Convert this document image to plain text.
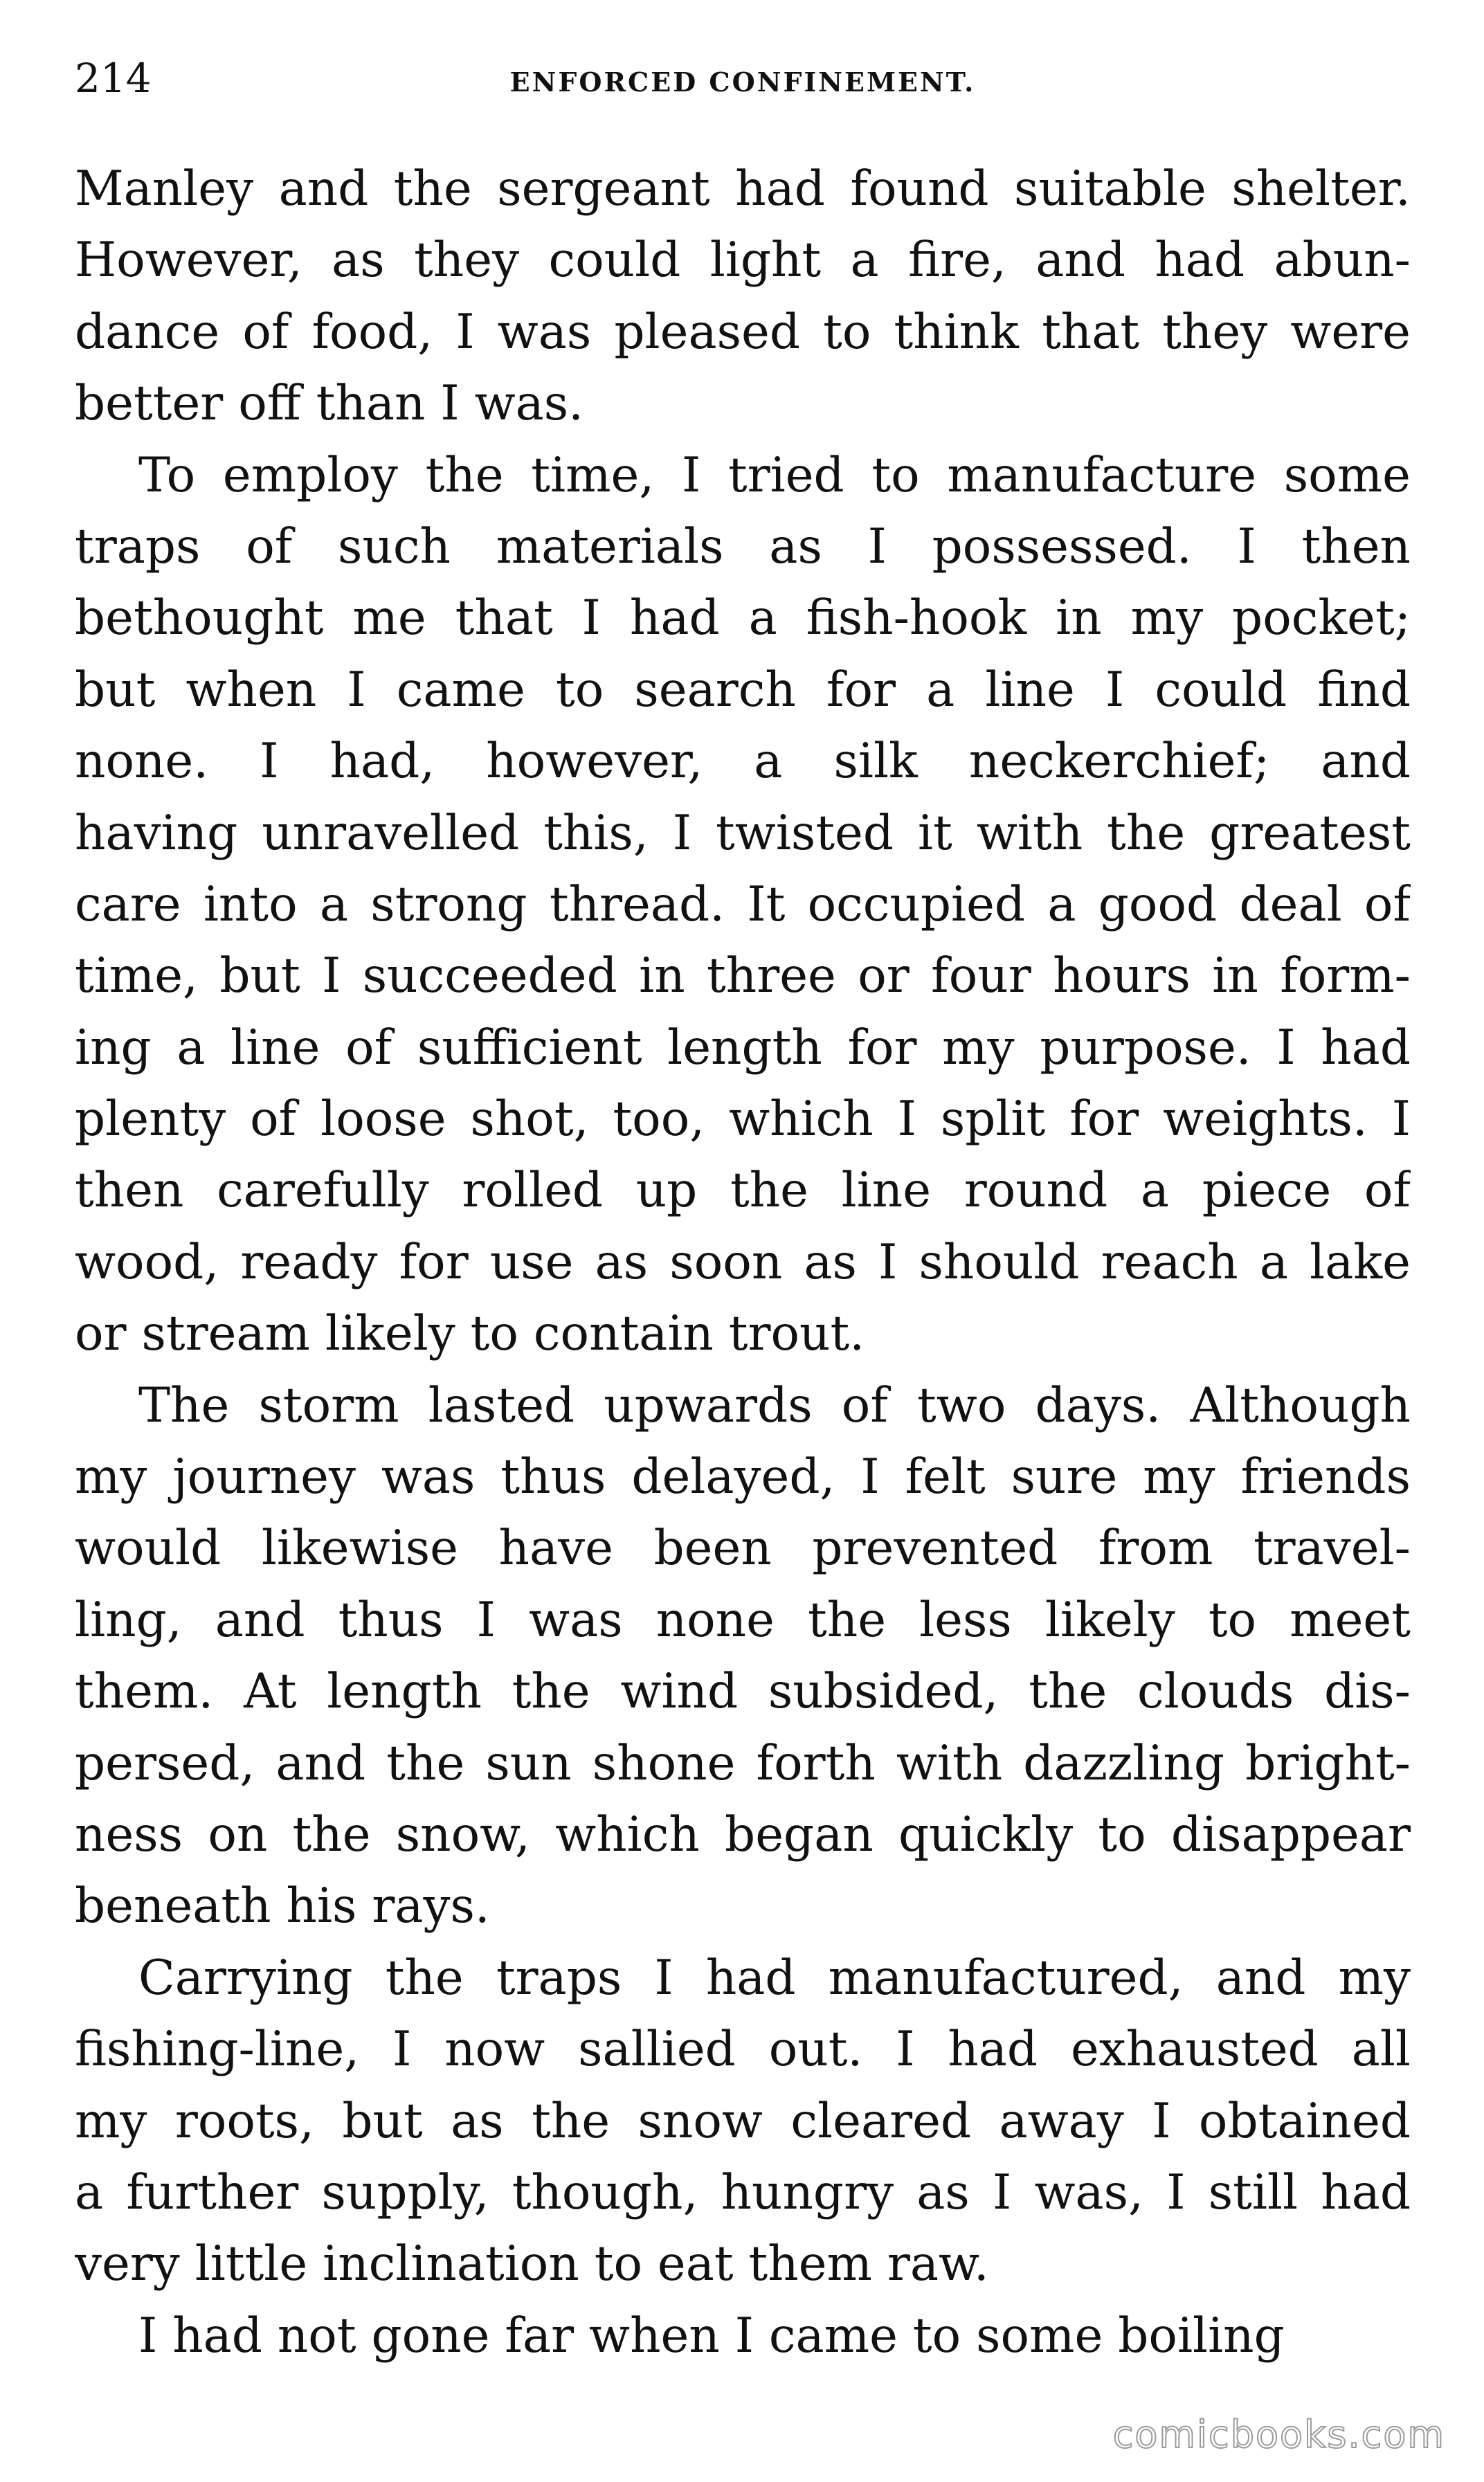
214	ENFORCED CONFINEMENT.
Manley and the sergeant had found suitable shelter.
However, as they could light a fire, and had abun-
dance of food, I was pleased to think that they were
better off than I was.
To employ the time, I tried to manufacture some
traps of such materials as I possessed. I then
bethought me that I had a fish-hook in my pocket;
but when I came to search for a line I could find
none. I had, however, a silk neckerchief; and
having unravelled this, I twisted it with the greatest
care into a strong thread. It occupied a good deal of
time, but I succeeded in three or four hours in form-
ing a line of sufficient length for my purpose. I had
plenty of loose shot, too, which I split for weights. I
then carefully rolled up the line round a piece of
wood, ready for use as soon as I should reach a lake
or stream likely to contain trout.
The storm lasted upwards of two days. Although
my journey was thus delayed, I felt sure my friends
would likewise have been prevented from travel-
ling, and thus I was none the less likely to meet
them. At length the wind subsided, the clouds dis-
persed, and the sun shone forth with dazzling bright-
ness on the snow, which began quickly to disappear
beneath his rays.
Carrying the traps I had manufactured, and my
fishing-line, I now sallied out. I had exhausted all
my roots, but as the snow cleared away I obtained
a further supply, though, hungry as I was, I still had
very little inclination to eat them raw.
I had not gone far when I came to some boiling
comicbooks.com
